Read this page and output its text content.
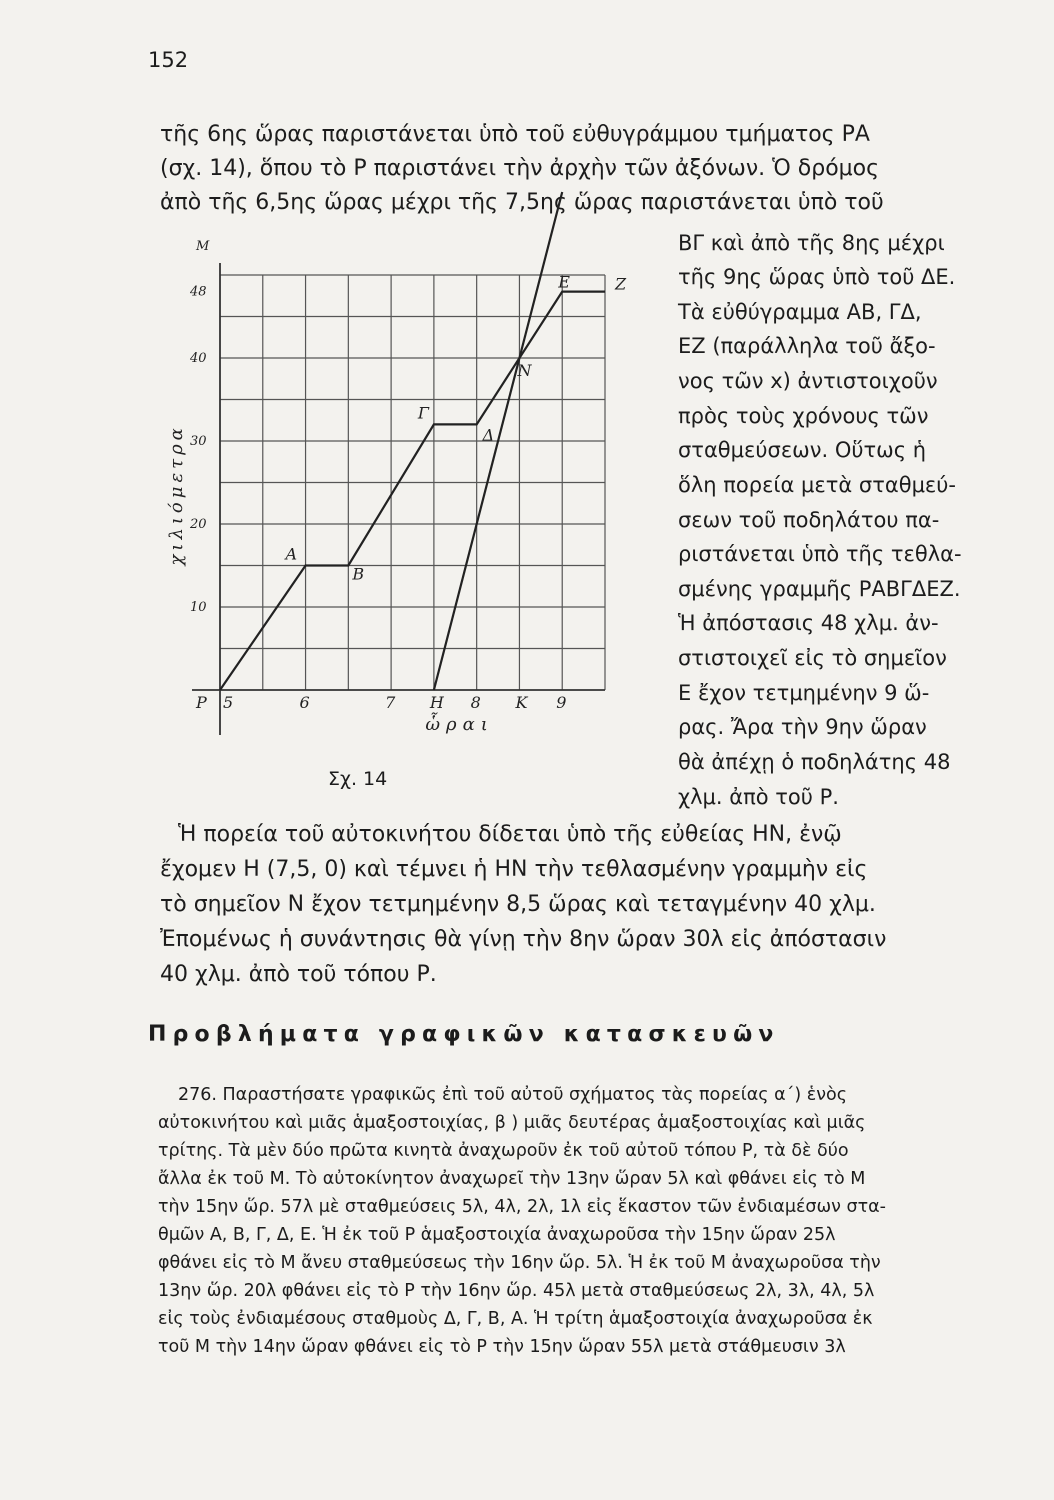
152
τῆς 6ης ὥρας παριστάνεται ὑπὸ τοῦ εὐθυγράμμου τμήματος ΡΑ
(σχ. 14), ὅπου τὸ Ρ παριστάνει τὴν ἀρχὴν τῶν ἀξόνων. Ὁ δρόμος
ἀπὸ τῆς 6,5ης ὥρας μέχρι τῆς 7,5ης ὥρας παριστάνεται ὑπὸ τοῦ
ΒΓ καὶ ἀπὸ τῆς 8ης μέχρι
τῆς 9ης ὥρας ὑπὸ τοῦ ΔΕ.
Τὰ εὐθύγραμμα ΑΒ, ΓΔ,
ΕΖ (παράλληλα τοῦ ἄξο-
νος τῶν x) ἀντιστοιχοῦν
πρὸς τοὺς χρόνους τῶν
σταθμεύσεων. Οὕτως ἡ
ὅλη πορεία μετὰ σταθμεύ-
σεων τοῦ ποδηλάτου πα-
ριστάνεται ὑπὸ τῆς τεθλα-
σμένης γραμμῆς ΡΑΒΓΔΕΖ.
Ἡ ἀπόστασις 48 χλμ. ἀν-
στιστοιχεῖ εἰς τὸ σημεῖον
Ε ἔχον τετμημένην 9 ὥ-
ρας. Ἄρα τὴν 9ην ὥραν
θὰ ἀπέχῃ ὁ ποδηλάτης 48
χλμ. ἀπὸ τοῦ Ρ.
5	6	7	8	9
10
20
30
40
48
M
Ρ	Η	Κ
Α
Β
Γ
Δ
Ε	Ζ
Ν
χιλιόμετρα
ὧραι
Σχ. 14
Ἡ πορεία τοῦ αὐτοκινήτου δίδεται ὑπὸ τῆς εὐθείας ΗΝ, ἐνῷ
ἔχομεν Η (7,5, 0) καὶ τέμνει ἡ ΗΝ τὴν τεθλασμένην γραμμὴν εἰς
τὸ σημεῖον Ν ἔχον τετμημένην 8,5 ὥρας καὶ τεταγμένην 40 χλμ.
Ἐπομένως ἡ συνάντησις θὰ γίνῃ τὴν 8ην ὥραν 30λ εἰς ἀπόστασιν
40 χλμ. ἀπὸ τοῦ τόπου Ρ.
Προβλήματα γραφικῶν κατασκευῶν
276. Παραστήσατε γραφικῶς ἐπὶ τοῦ αὐτοῦ σχήματος τὰς πορείας α΄) ἑνὸς
αὐτοκινήτου καὶ μιᾶς ἁμαξοστοιχίας, β ) μιᾶς δευτέρας ἁμαξοστοιχίας καὶ μιᾶς
τρίτης. Τὰ μὲν δύο πρῶτα κινητὰ ἀναχωροῦν ἐκ τοῦ αὐτοῦ τόπου Ρ, τὰ δὲ δύο
ἄλλα ἐκ τοῦ Μ. Τὸ αὐτοκίνητον ἀναχωρεῖ τὴν 13ην ὥραν 5λ καὶ φθάνει εἰς τὸ Μ
τὴν 15ην ὥρ. 57λ μὲ σταθμεύσεις 5λ, 4λ, 2λ, 1λ εἰς ἕκαστον τῶν ἐνδιαμέσων στα-
θμῶν Α, Β, Γ, Δ, Ε. Ἡ ἐκ τοῦ Ρ ἁμαξοστοιχία ἀναχωροῦσα τὴν 15ην ὥραν 25λ
φθάνει εἰς τὸ Μ ἄνευ σταθμεύσεως τὴν 16ην ὥρ. 5λ. Ἡ ἐκ τοῦ Μ ἀναχωροῦσα τὴν
13ην ὥρ. 20λ φθάνει εἰς τὸ Ρ τὴν 16ην ὥρ. 45λ μετὰ σταθμεύσεως 2λ, 3λ, 4λ, 5λ
εἰς τοὺς ἐνδιαμέσους σταθμοὺς Δ, Γ, Β, Α. Ἡ τρίτη ἁμαξοστοιχία ἀναχωροῦσα ἐκ
τοῦ Μ τὴν 14ην ὥραν φθάνει εἰς τὸ Ρ τὴν 15ην ὥραν 55λ μετὰ στάθμευσιν 3λ
